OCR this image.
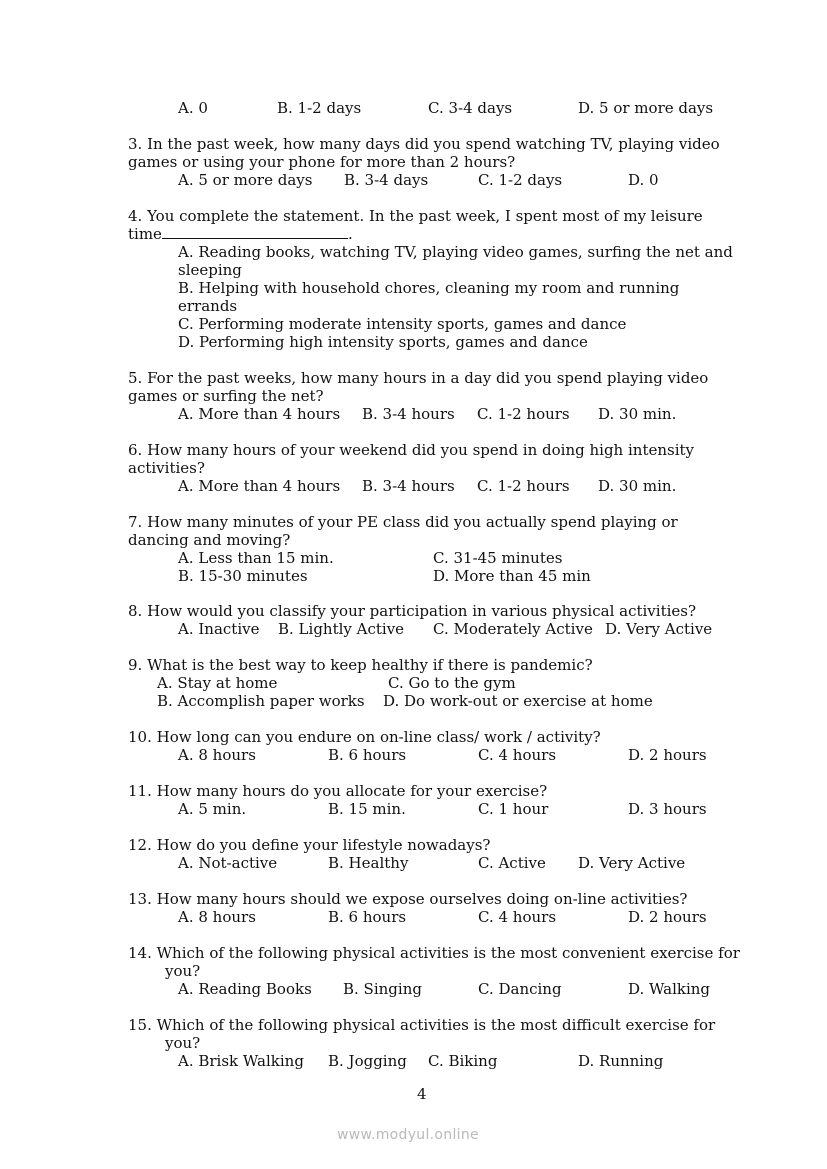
A. 0	B. 1-2 days	C. 3-4 days	D. 5 or more days
3. In the past week, how many days did you spend watching TV, playing video
games or using your phone for more than 2 hours?
A. 5 or more days B. 3-4 days	C. 1-2 days	D. 0
4. You complete the statement. In the past week, I spent most of my leisure
time	.
A. Reading books, watching TV, playing video games, surfing the net and
sleeping
B. Helping with household chores, cleaning my room and running
errands
C. Performing moderate intensity sports, games and dance
D. Performing high intensity sports, games and dance
5. For the past weeks, how many hours in a day did you spend playing video
games or surfing the net?
A. More than 4 hours B. 3-4 hours C. 1-2 hours D. 30 min.
6. How many hours of your weekend did you spend in doing high intensity
activities?
A. More than 4 hours B. 3-4 hours C. 1-2 hours D. 30 min.
7. How many minutes of your PE class did you actually spend playing or
dancing and moving?
A. Less than 15 min.	C. 31-45 minutes
B. 15-30 minutes	D. More than 45 min
8. How would you classify your participation in various physical activities?
A. Inactive B. Lightly Active C. Moderately Active D. Very Active
9. What is the best way to keep healthy if there is pandemic?
A. Stay at home	C. Go to the gym
B. Accomplish paper works D. Do work-out or exercise at home
10. How long can you endure on on-line class/ work / activity?
A. 8 hours	B. 6 hours	C. 4 hours	D. 2 hours
11. How many hours do you allocate for your exercise?
A. 5 min.	B. 15 min.	C. 1 hour	D. 3 hours
12. How do you define your lifestyle nowadays?
A. Not-active	B. Healthy	C. Active D. Very Active
13. How many hours should we expose ourselves doing on-line activities?
A. 8 hours	B. 6 hours	C. 4 hours	D. 2 hours
14. Which of the following physical activities is the most convenient exercise for
you?
A. Reading Books B. Singing	C. Dancing	D. Walking
15. Which of the following physical activities is the most difficult exercise for
you?
A. Brisk Walking B. Jogging C. Biking	D. Running
4
www.modyul.online
